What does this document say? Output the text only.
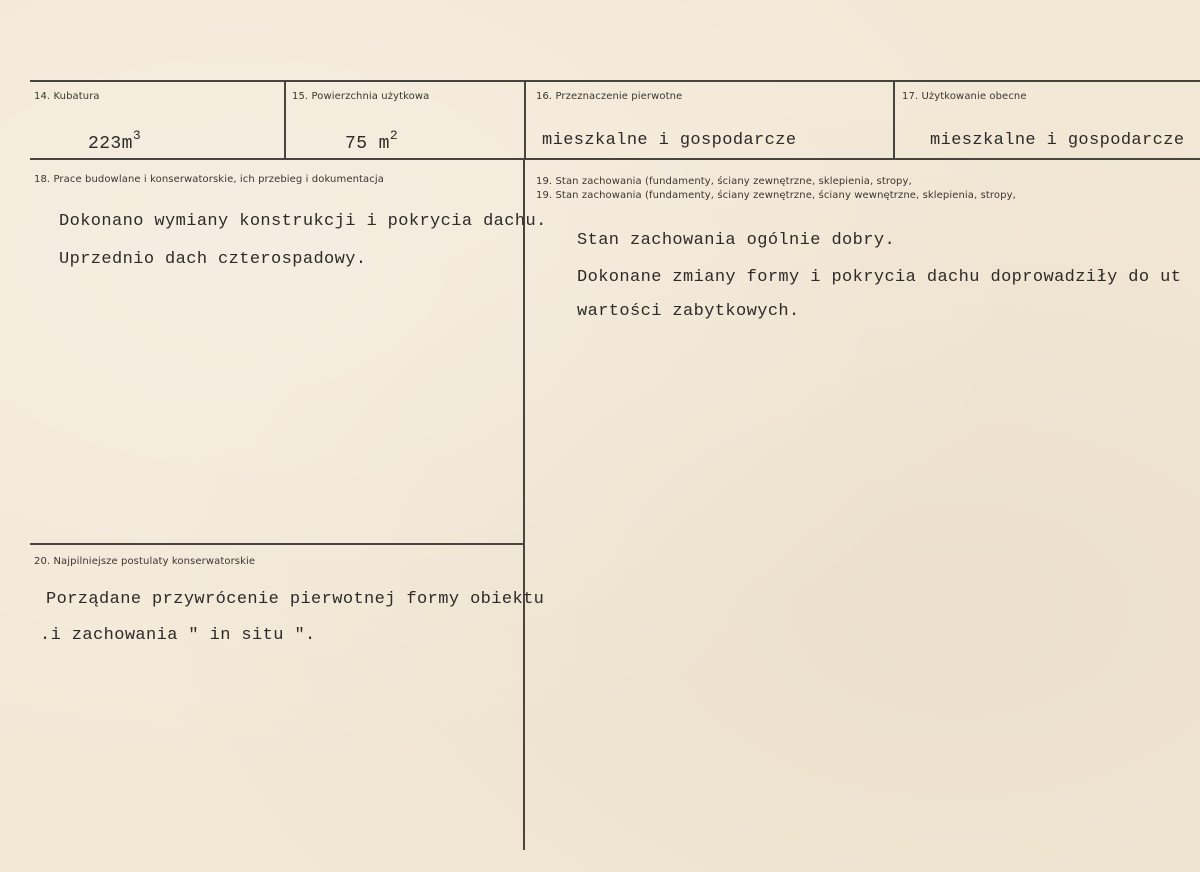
14. Kubatura
$223m^3$
15. Powierzchnia użytkowa
75 $m^2$
16. Przeznaczenie pierwotne
mieszkalne i gospodarcze
17. Użytkowanie obecne
mieszkalne i gospodarcze
18. Prace budowlane i konserwatorskie, ich przebieg i dokumentacja
Dokonano wymiany konstrukcji i pokrycia dachu.
Uprzednio dach czterospadowy.
19. Stan zachowania (fundamenty, ściany zewnętrzne, sklepienia, stropy,
19. Stan zachowania (fundamenty, ściany zewnętrzne, ściany wewnętrzne, sklepienia, stropy,
Stan zachowania ogólnie dobry.
Dokonane zmiany formy i pokrycia dachu doprowadziły do ut
wartości zabytkowych.
20. Najpilniejsze postulaty konserwatorskie
Porządane przywrócenie pierwotnej formy obiektu
.i zachowania " in situ ".
